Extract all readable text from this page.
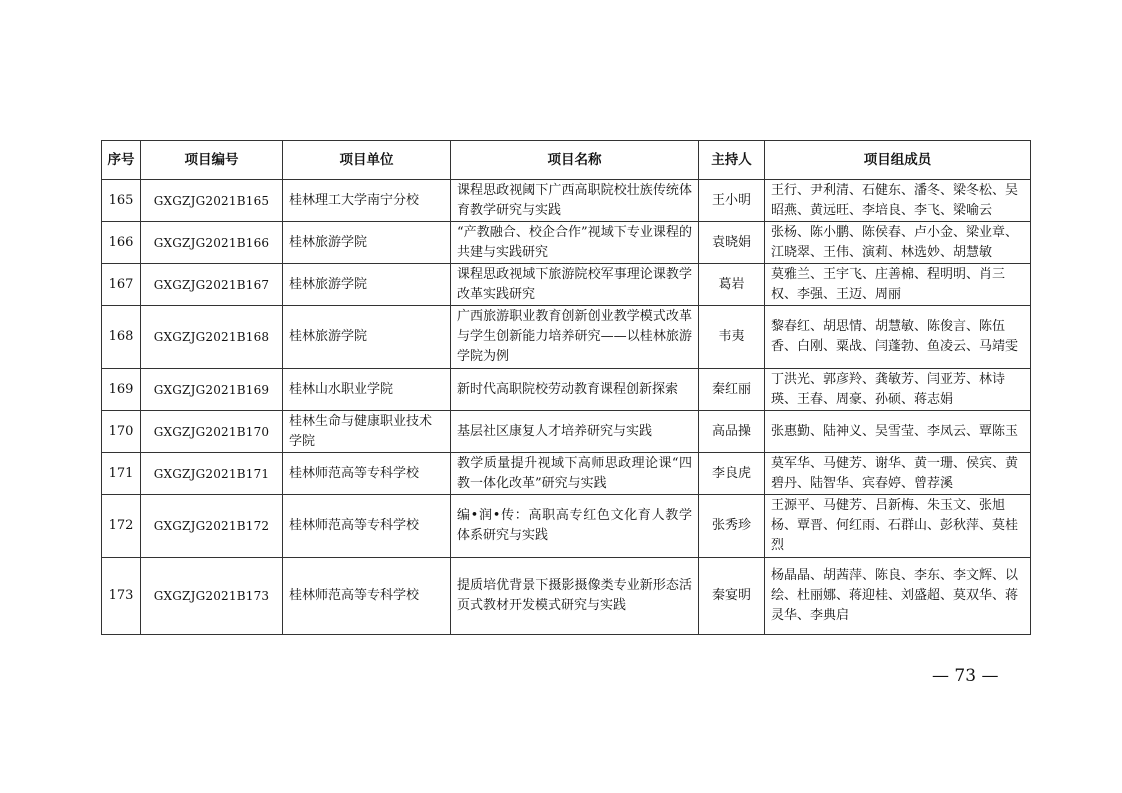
序号	项目编号	项目单位	项目名称	主持人	项目组成员
165	GXGZJG2021B165	桂林理工大学南宁分校	课程思政视阈下广西高职院校壮族传统体育教学研究与实践	王小明	王行、尹利清、石健东、潘冬、梁冬松、吴昭燕、黄远旺、李培良、李飞、梁喻云
166	GXGZJG2021B166	桂林旅游学院	“产教融合、校企合作”视域下专业课程的共建与实践研究	袁晓娟	张杨、陈小鹏、陈侯春、卢小金、梁业章、江晓翠、王伟、演莉、林选妙、胡慧敏
167	GXGZJG2021B167	桂林旅游学院	课程思政视域下旅游院校军事理论课教学改革实践研究	葛岩	莫雅兰、王宇飞、庄善棉、程明明、肖三权、李强、王迈、周丽
168	GXGZJG2021B168	桂林旅游学院	广西旅游职业教育创新创业教学模式改革与学生创新能力培养研究——以桂林旅游学院为例	韦夷	黎春红、胡思情、胡慧敏、陈俊言、陈伍香、白刚、粟战、闫蓬勃、鱼凌云、马靖雯
169	GXGZJG2021B169	桂林山水职业学院	新时代高职院校劳动教育课程创新探索	秦红丽	丁洪光、郭彦羚、龚敏芳、闫亚芳、林诗瑛、王春、周豪、孙硕、蒋志娟
170	GXGZJG2021B170	桂林生命与健康职业技术学院	基层社区康复人才培养研究与实践	高品操	张惠勤、陆神义、吴雪莹、李凤云、覃陈玉
171	GXGZJG2021B171	桂林师范高等专科学校	教学质量提升视域下高师思政理论课“四教一体化改革”研究与实践	李良虎	莫军华、马健芳、谢华、黄一珊、侯宾、黄碧丹、陆智华、宾春婷、曾荐溪
172	GXGZJG2021B172	桂林师范高等专科学校	编•润•传：高职高专红色文化育人教学体系研究与实践	张秀珍	王源平、马健芳、吕新梅、朱玉文、张旭杨、覃晋、何红雨、石群山、彭秋萍、莫桂烈
173	GXGZJG2021B173	桂林师范高等专科学校	提质培优背景下摄影摄像类专业新形态活页式教材开发模式研究与实践	秦宴明	杨晶晶、胡茜萍、陈良、李东、李文辉、以绘、杜丽娜、蒋迎桂、刘盛超、莫双华、蒋灵华、李典启
— 73 —
